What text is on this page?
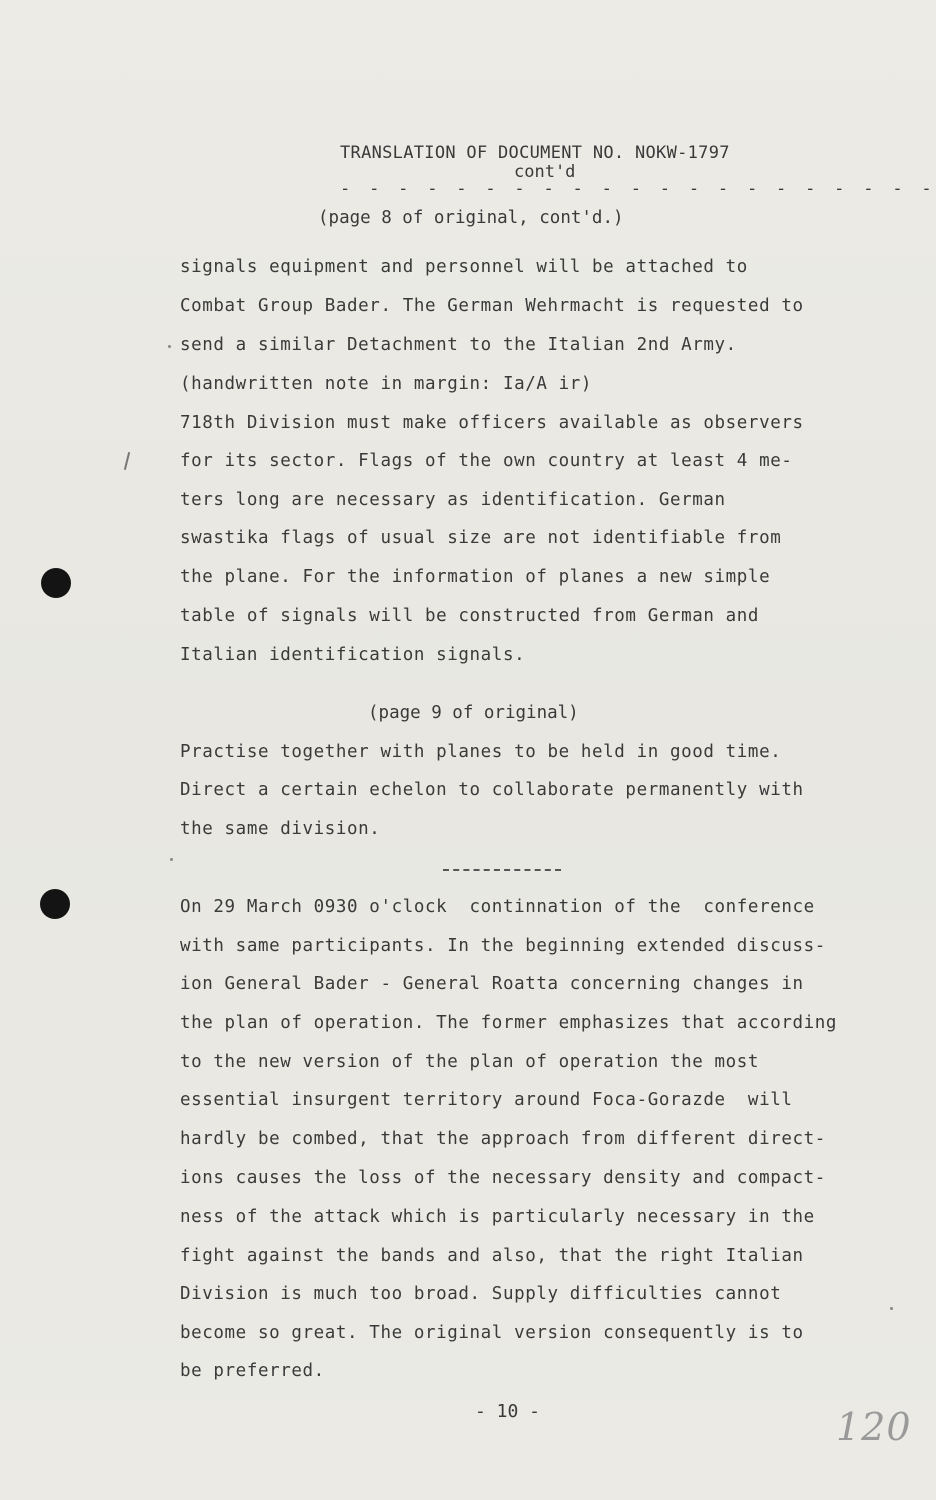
TRANSLATION OF DOCUMENT NO. NOKW-1797
cont'd
- - - - - - - - - - - - - - - - - - - - -
(page 8 of original, cont'd.)
signals equipment and personnel will be attached to
Combat Group Bader. The German Wehrmacht is requested to
send a similar Detachment to the Italian 2nd Army.
(handwritten note in margin: Ia/A ir)
718th Division must make officers available as observers
for its sector. Flags of the own country at least 4 me-
ters long are necessary as identification. German
swastika flags of usual size are not identifiable from
the plane. For the information of planes a new simple
table of signals will be constructed from German and
Italian identification signals.
(page 9 of original)
Practise together with planes to be held in good time.
Direct a certain echelon to collaborate permanently with
the same division.
On 29 March 0930 o'clock  continnation of the  conference
with same participants. In the beginning extended discuss-
ion General Bader - General Roatta concerning changes in
the plan of operation. The former emphasizes that according
to the new version of the plan of operation the most
essential insurgent territory around Foca-Gorazde  will
hardly be combed, that the approach from different direct-
ions causes the loss of the necessary density and compact-
ness of the attack which is particularly necessary in the
fight against the bands and also, that the right Italian
Division is much too broad. Supply difficulties cannot
become so great. The original version consequently is to
be preferred.
- 10 -	120
